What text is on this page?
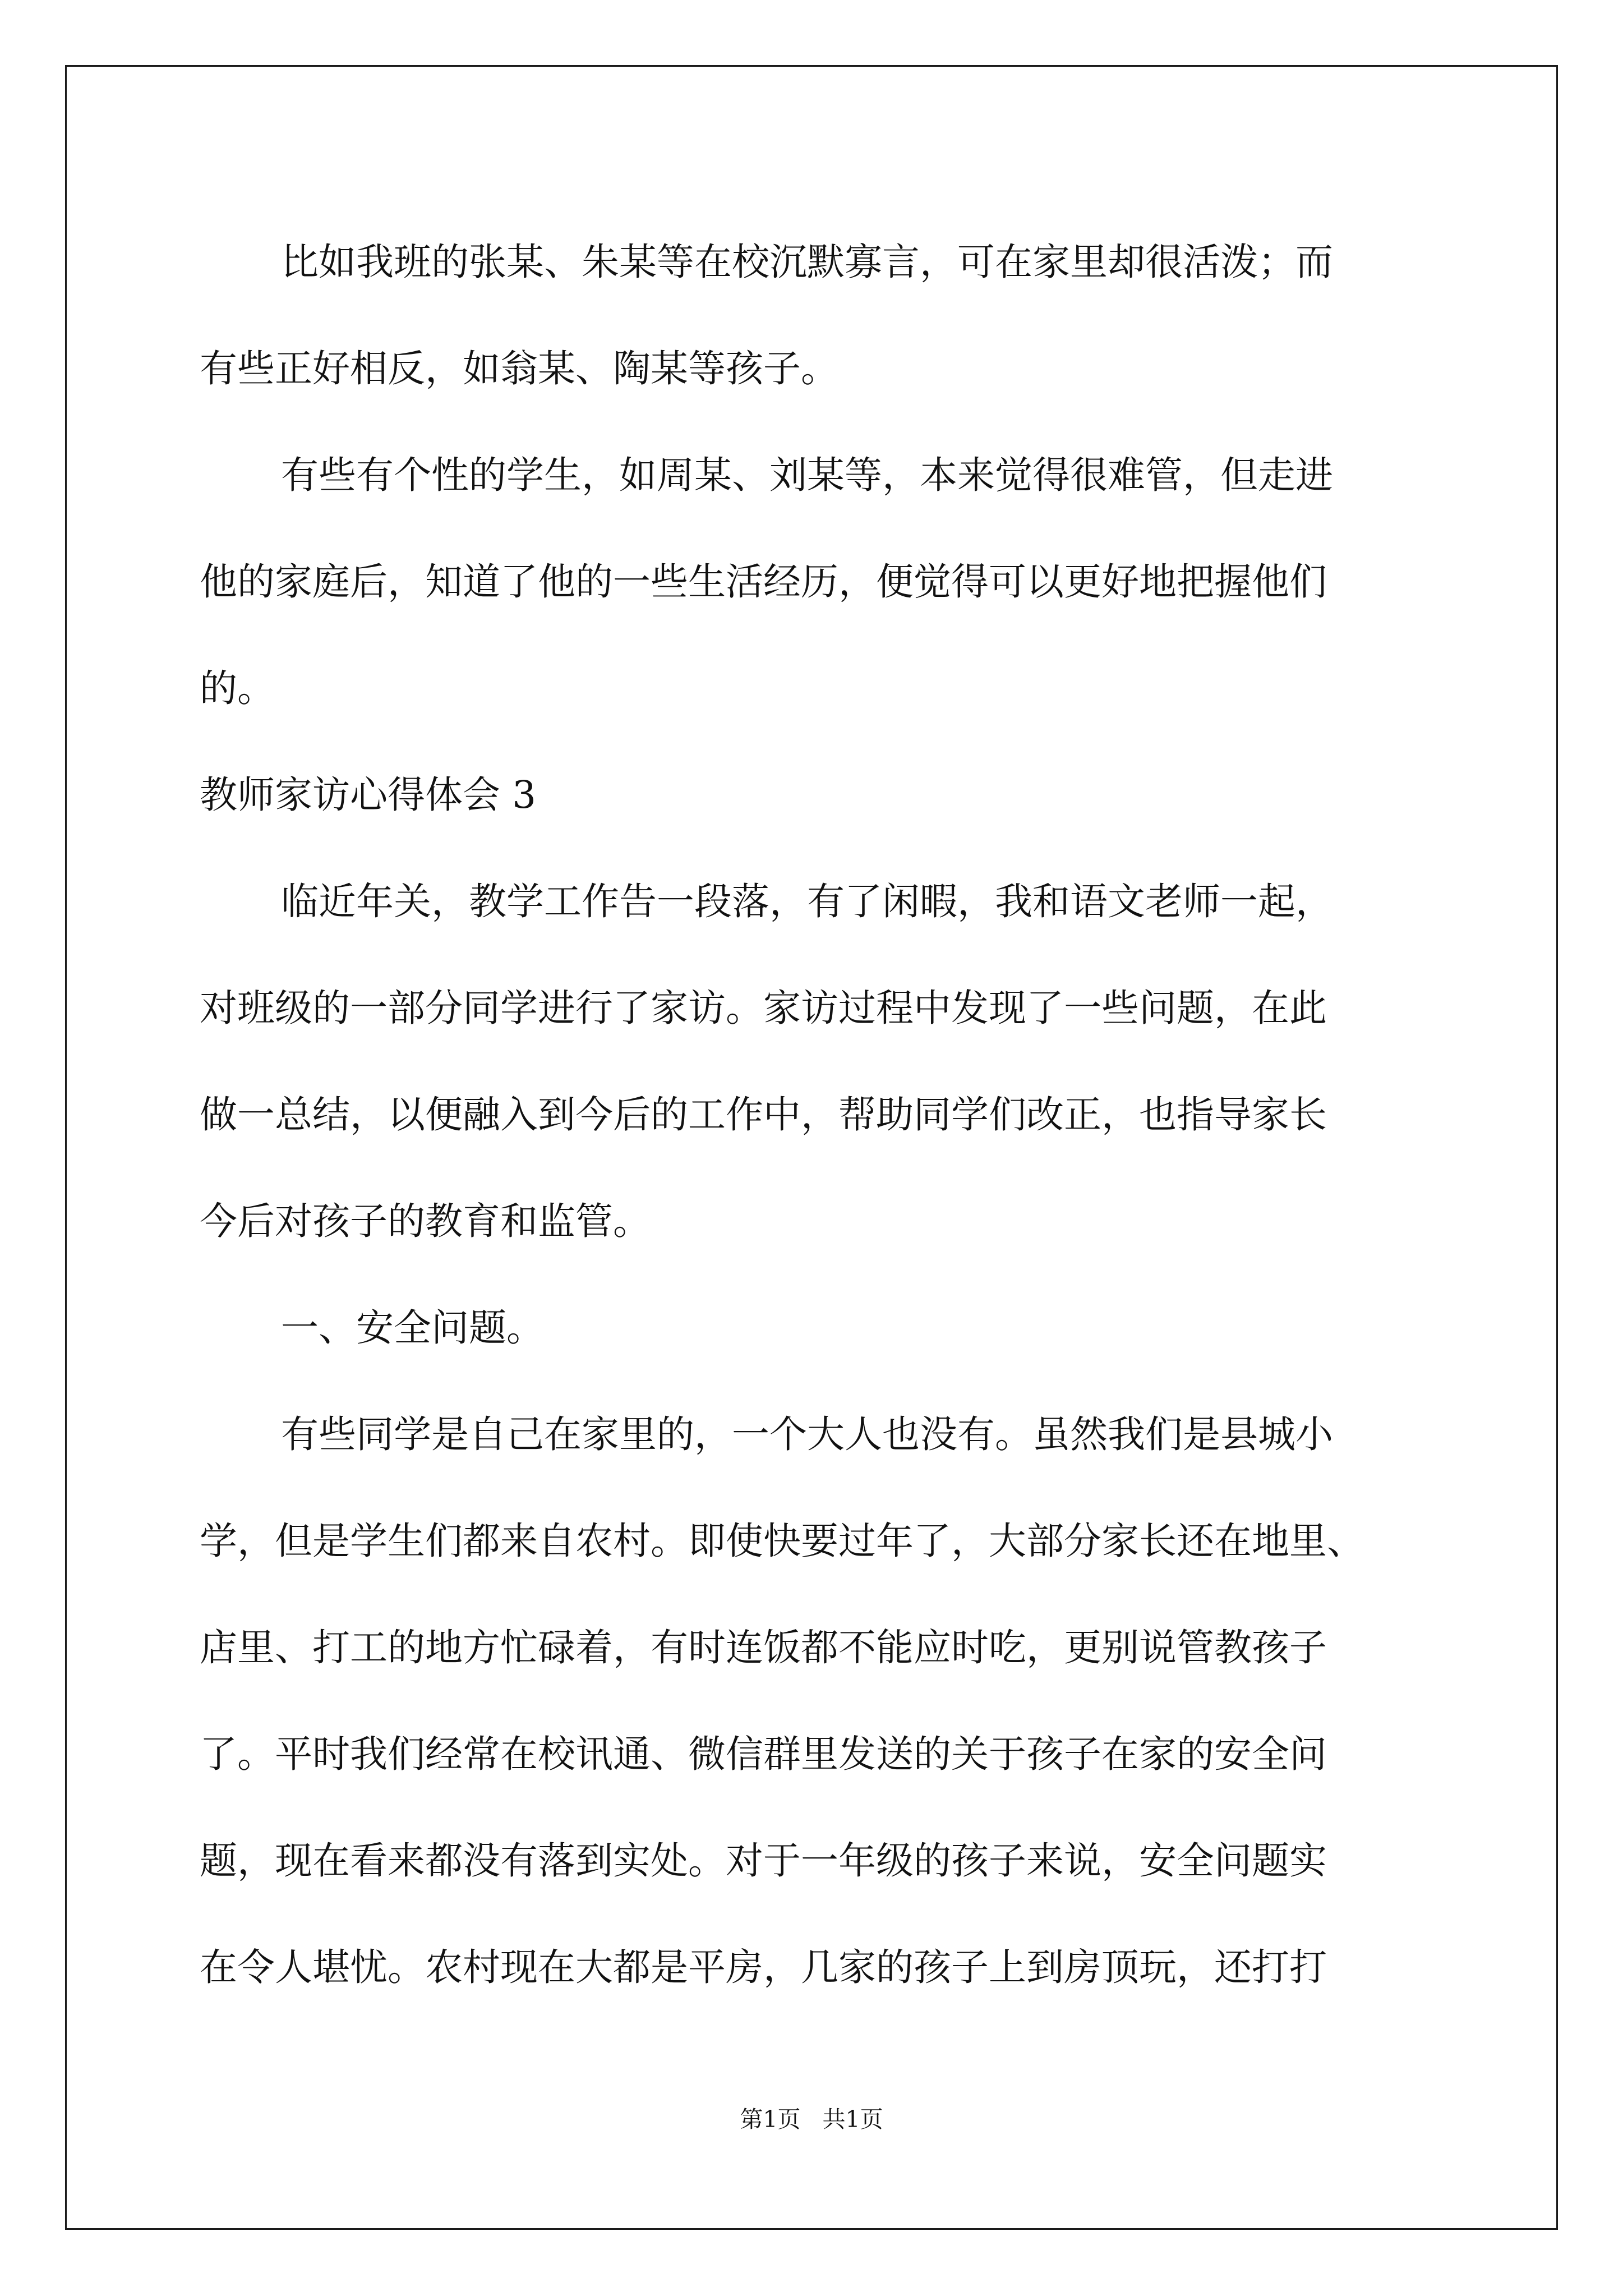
比如我班的张某、朱某等在校沉默寡言，可在家里却很活泼；而
有些正好相反，如翁某、陶某等孩子。
有些有个性的学生，如周某、刘某等，本来觉得很难管，但走进
他的家庭后，知道了他的一些生活经历，便觉得可以更好地把握他们
的。
教师家访心得体会 3
临近年关，教学工作告一段落，有了闲暇，我和语文老师一起，
对班级的一部分同学进行了家访。家访过程中发现了一些问题，在此
做一总结，以便融入到今后的工作中，帮助同学们改正，也指导家长
今后对孩子的教育和监管。
一、安全问题。
有些同学是自己在家里的，一个大人也没有。虽然我们是县城小
学，但是学生们都来自农村。即使快要过年了，大部分家长还在地里、
店里、打工的地方忙碌着，有时连饭都不能应时吃，更别说管教孩子
了。平时我们经常在校讯通、微信群里发送的关于孩子在家的安全问
题，现在看来都没有落到实处。对于一年级的孩子来说，安全问题实
在令人堪忧。农村现在大都是平房，几家的孩子上到房顶玩，还打打
第1页   共1页
